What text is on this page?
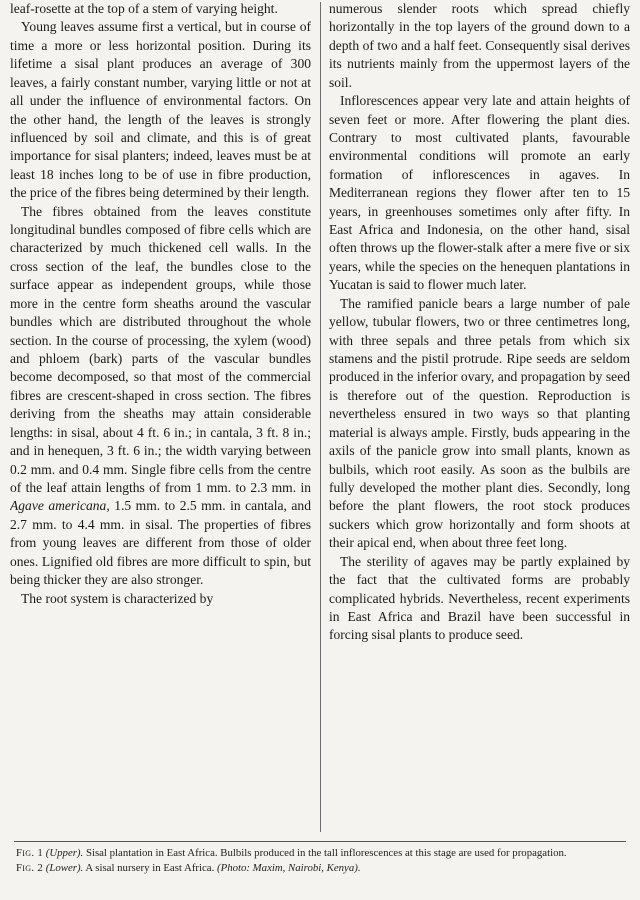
leaf-rosette at the top of a stem of varying height.

Young leaves assume first a vertical, but in course of time a more or less horizontal position. During its lifetime a sisal plant produces an average of 300 leaves, a fairly constant number, varying little or not at all under the influence of environmental factors. On the other hand, the length of the leaves is strongly influenced by soil and climate, and this is of great importance for sisal planters; indeed, leaves must be at least 18 inches long to be of use in fibre production, the price of the fibres being determined by their length.

The fibres obtained from the leaves constitute longitudinal bundles composed of fibre cells which are characterized by much thickened cell walls. In the cross section of the leaf, the bundles close to the surface appear as independent groups, while those more in the centre form sheaths around the vascular bundles which are distributed throughout the whole section. In the course of processing, the xylem (wood) and phloem (bark) parts of the vascular bundles become decomposed, so that most of the commercial fibres are crescent-shaped in cross section. The fibres deriving from the sheaths may attain considerable lengths: in sisal, about 4 ft. 6 in.; in cantala, 3 ft. 8 in.; and in henequen, 3 ft. 6 in.; the width varying between 0.2 mm. and 0.4 mm. Single fibre cells from the centre of the leaf attain lengths of from 1 mm. to 2.3 mm. in Agave americana, 1.5 mm. to 2.5 mm. in cantala, and 2.7 mm. to 4.4 mm. in sisal. The properties of fibres from young leaves are different from those of older ones. Lignified old fibres are more difficult to spin, but being thicker they are also stronger.

The root system is characterized by

numerous slender roots which spread chiefly horizontally in the top layers of the ground down to a depth of two and a half feet. Consequently sisal derives its nutrients mainly from the uppermost layers of the soil.

Inflorescences appear very late and attain heights of seven feet or more. After flowering the plant dies. Contrary to most cultivated plants, favourable environmental conditions will promote an early formation of inflorescences in agaves. In Mediterranean regions they flower after ten to 15 years, in greenhouses sometimes only after fifty. In East Africa and Indonesia, on the other hand, sisal often throws up the flower-stalk after a mere five or six years, while the species on the henequen plantations in Yucatan is said to flower much later.

The ramified panicle bears a large number of pale yellow, tubular flowers, two or three centimetres long, with three sepals and three petals from which six stamens and the pistil protrude. Ripe seeds are seldom produced in the inferior ovary, and propagation by seed is therefore out of the question. Reproduction is nevertheless ensured in two ways so that planting material is always ample. Firstly, buds appearing in the axils of the panicle grow into small plants, known as bulbils, which root easily. As soon as the bulbils are fully developed the mother plant dies. Secondly, long before the plant flowers, the root stock produces suckers which grow horizontally and form shoots at their apical end, when about three feet long.

The sterility of agaves may be partly explained by the fact that the cultivated forms are probably complicated hybrids. Nevertheless, recent experiments in East Africa and Brazil have been successful in forcing sisal plants to produce seed.

Fig. 1 (Upper). Sisal plantation in East Africa. Bulbils produced in the tall inflorescences at this stage are used for propagation.

Fig. 2 (Lower). A sisal nursery in East Africa. (Photo: Maxim, Nairobi, Kenya).
